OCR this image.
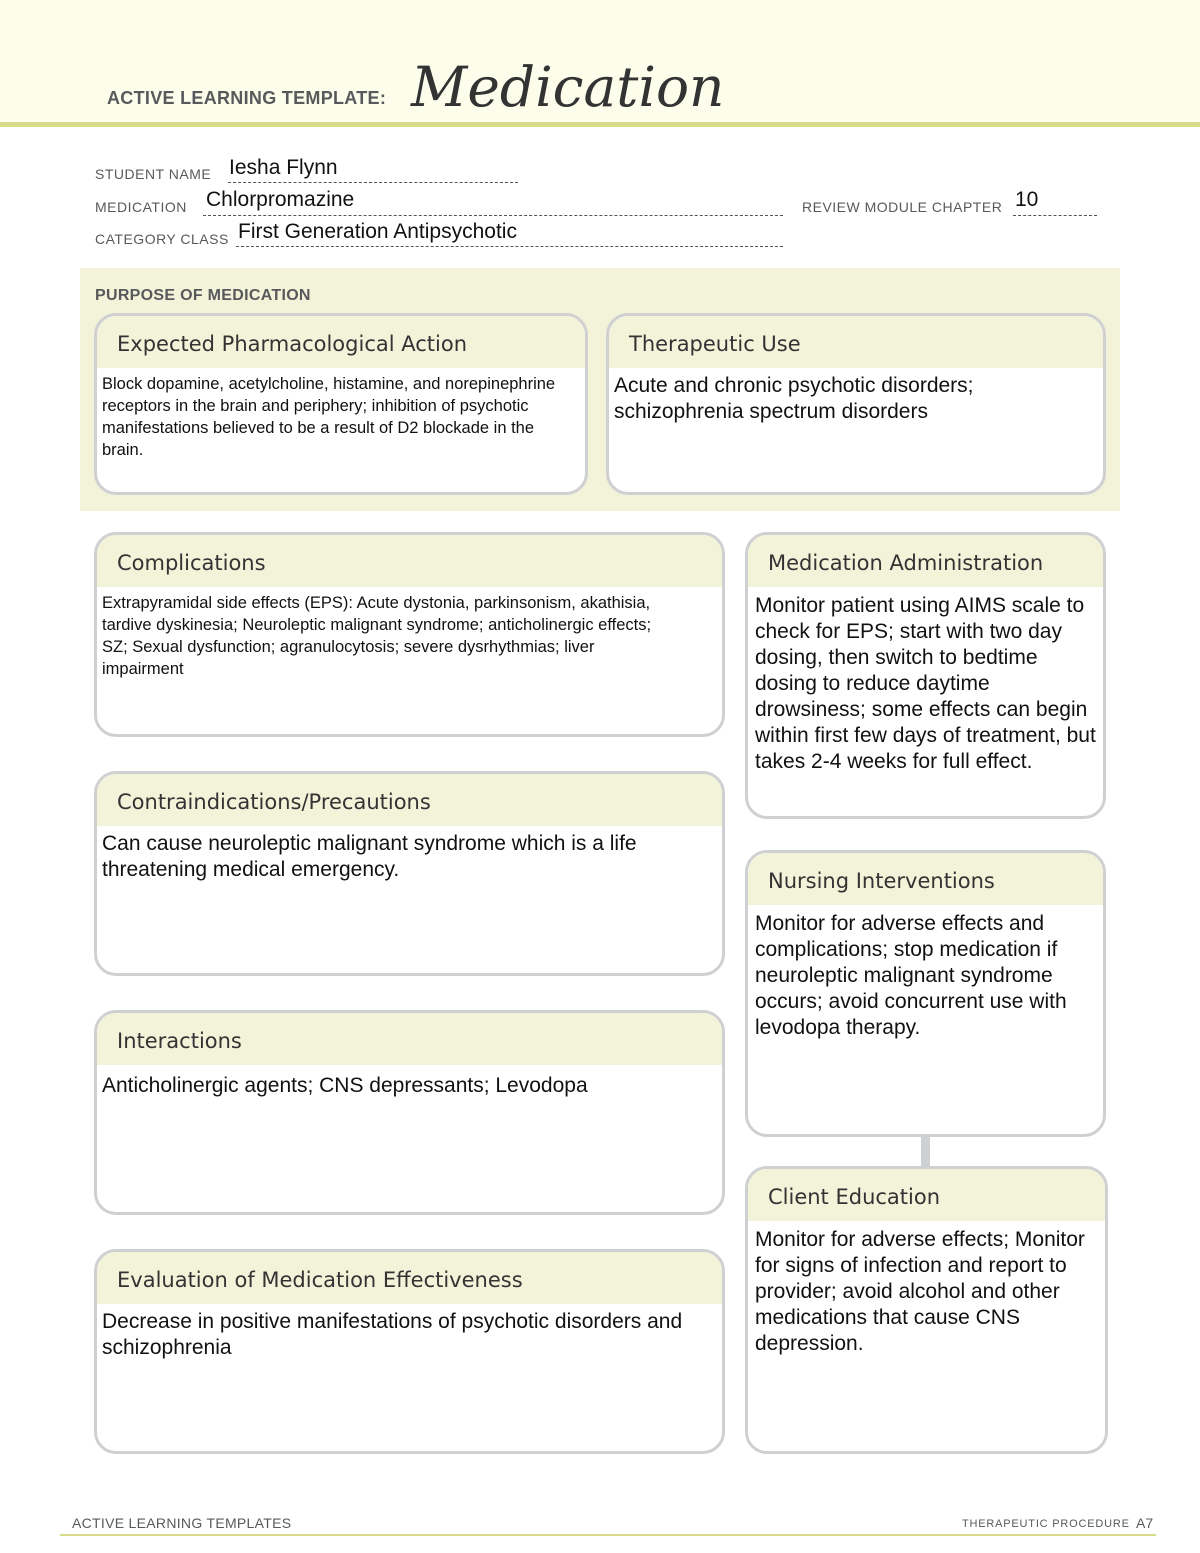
ACTIVE LEARNING TEMPLATE: Medication
STUDENT NAME Iesha Flynn
MEDICATION Chlorpromazine	REVIEW MODULE CHAPTER 10
CATEGORY CLASS First Generation Antipsychotic
PURPOSE OF MEDICATION
Expected Pharmacological Action
Block dopamine, acetylcholine, histamine, and norepinephrine receptors in the brain and periphery; inhibition of psychotic manifestations believed to be a result of D2 blockade in the brain.
Therapeutic Use
Acute and chronic psychotic disorders; schizophrenia spectrum disorders
Complications
Extrapyramidal side effects (EPS): Acute dystonia, parkinsonism, akathisia, tardive dyskinesia; Neuroleptic malignant syndrome; anticholinergic effects; SZ; Sexual dysfunction; agranulocytosis; severe dysrhythmias; liver impairment
Contraindications/Precautions
Can cause neuroleptic malignant syndrome which is a life threatening medical emergency.
Interactions
Anticholinergic agents; CNS depressants; Levodopa
Evaluation of Medication Effectiveness
Decrease in positive manifestations of psychotic disorders and schizophrenia
Medication Administration
Monitor patient using AIMS scale to check for EPS; start with two day dosing, then switch to bedtime dosing to reduce daytime drowsiness; some effects can begin within first few days of treatment, but takes 2-4 weeks for full effect.
Nursing Interventions
Monitor for adverse effects and complications; stop medication if neuroleptic malignant syndrome occurs; avoid concurrent use with levodopa therapy.
Client Education
Monitor for adverse effects; Monitor for signs of infection and report to provider; avoid alcohol and other medications that cause CNS depression.
ACTIVE LEARNING TEMPLATES	THERAPEUTIC PROCEDURE A7
